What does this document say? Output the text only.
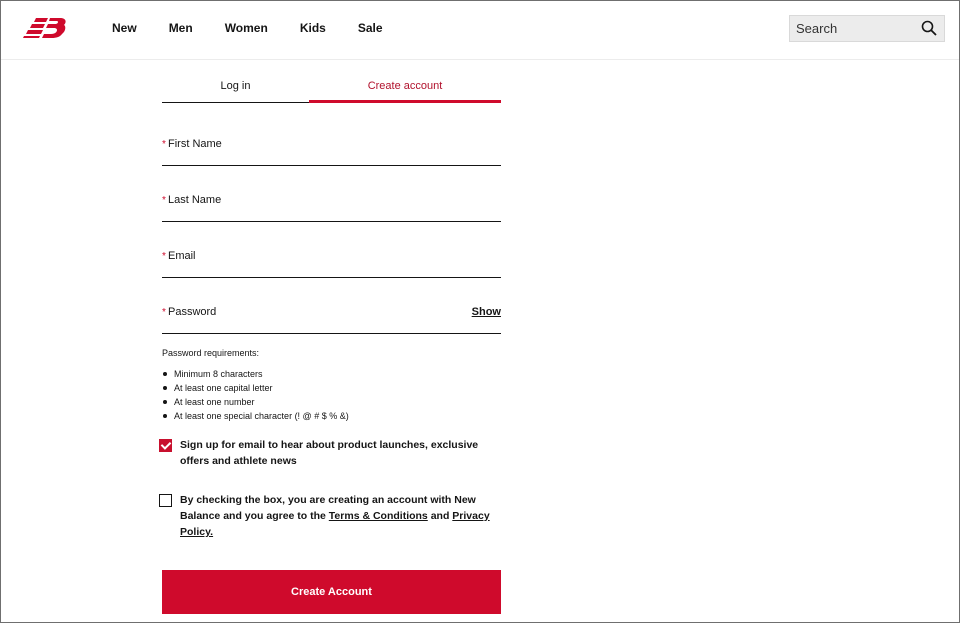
New	Men	Women	Kids	Sale
Search
Log in	Create account
* First Name
* Last Name
* Email
* Password	Show
Password requirements:
Minimum 8 characters
At least one capital letter
At least one number
At least one special character (! @ # $ % &)
Sign up for email to hear about product launches, exclusive offers and athlete news
By checking the box, you are creating an account with New Balance and you agree to the Terms & Conditions and Privacy Policy.
Create Account
